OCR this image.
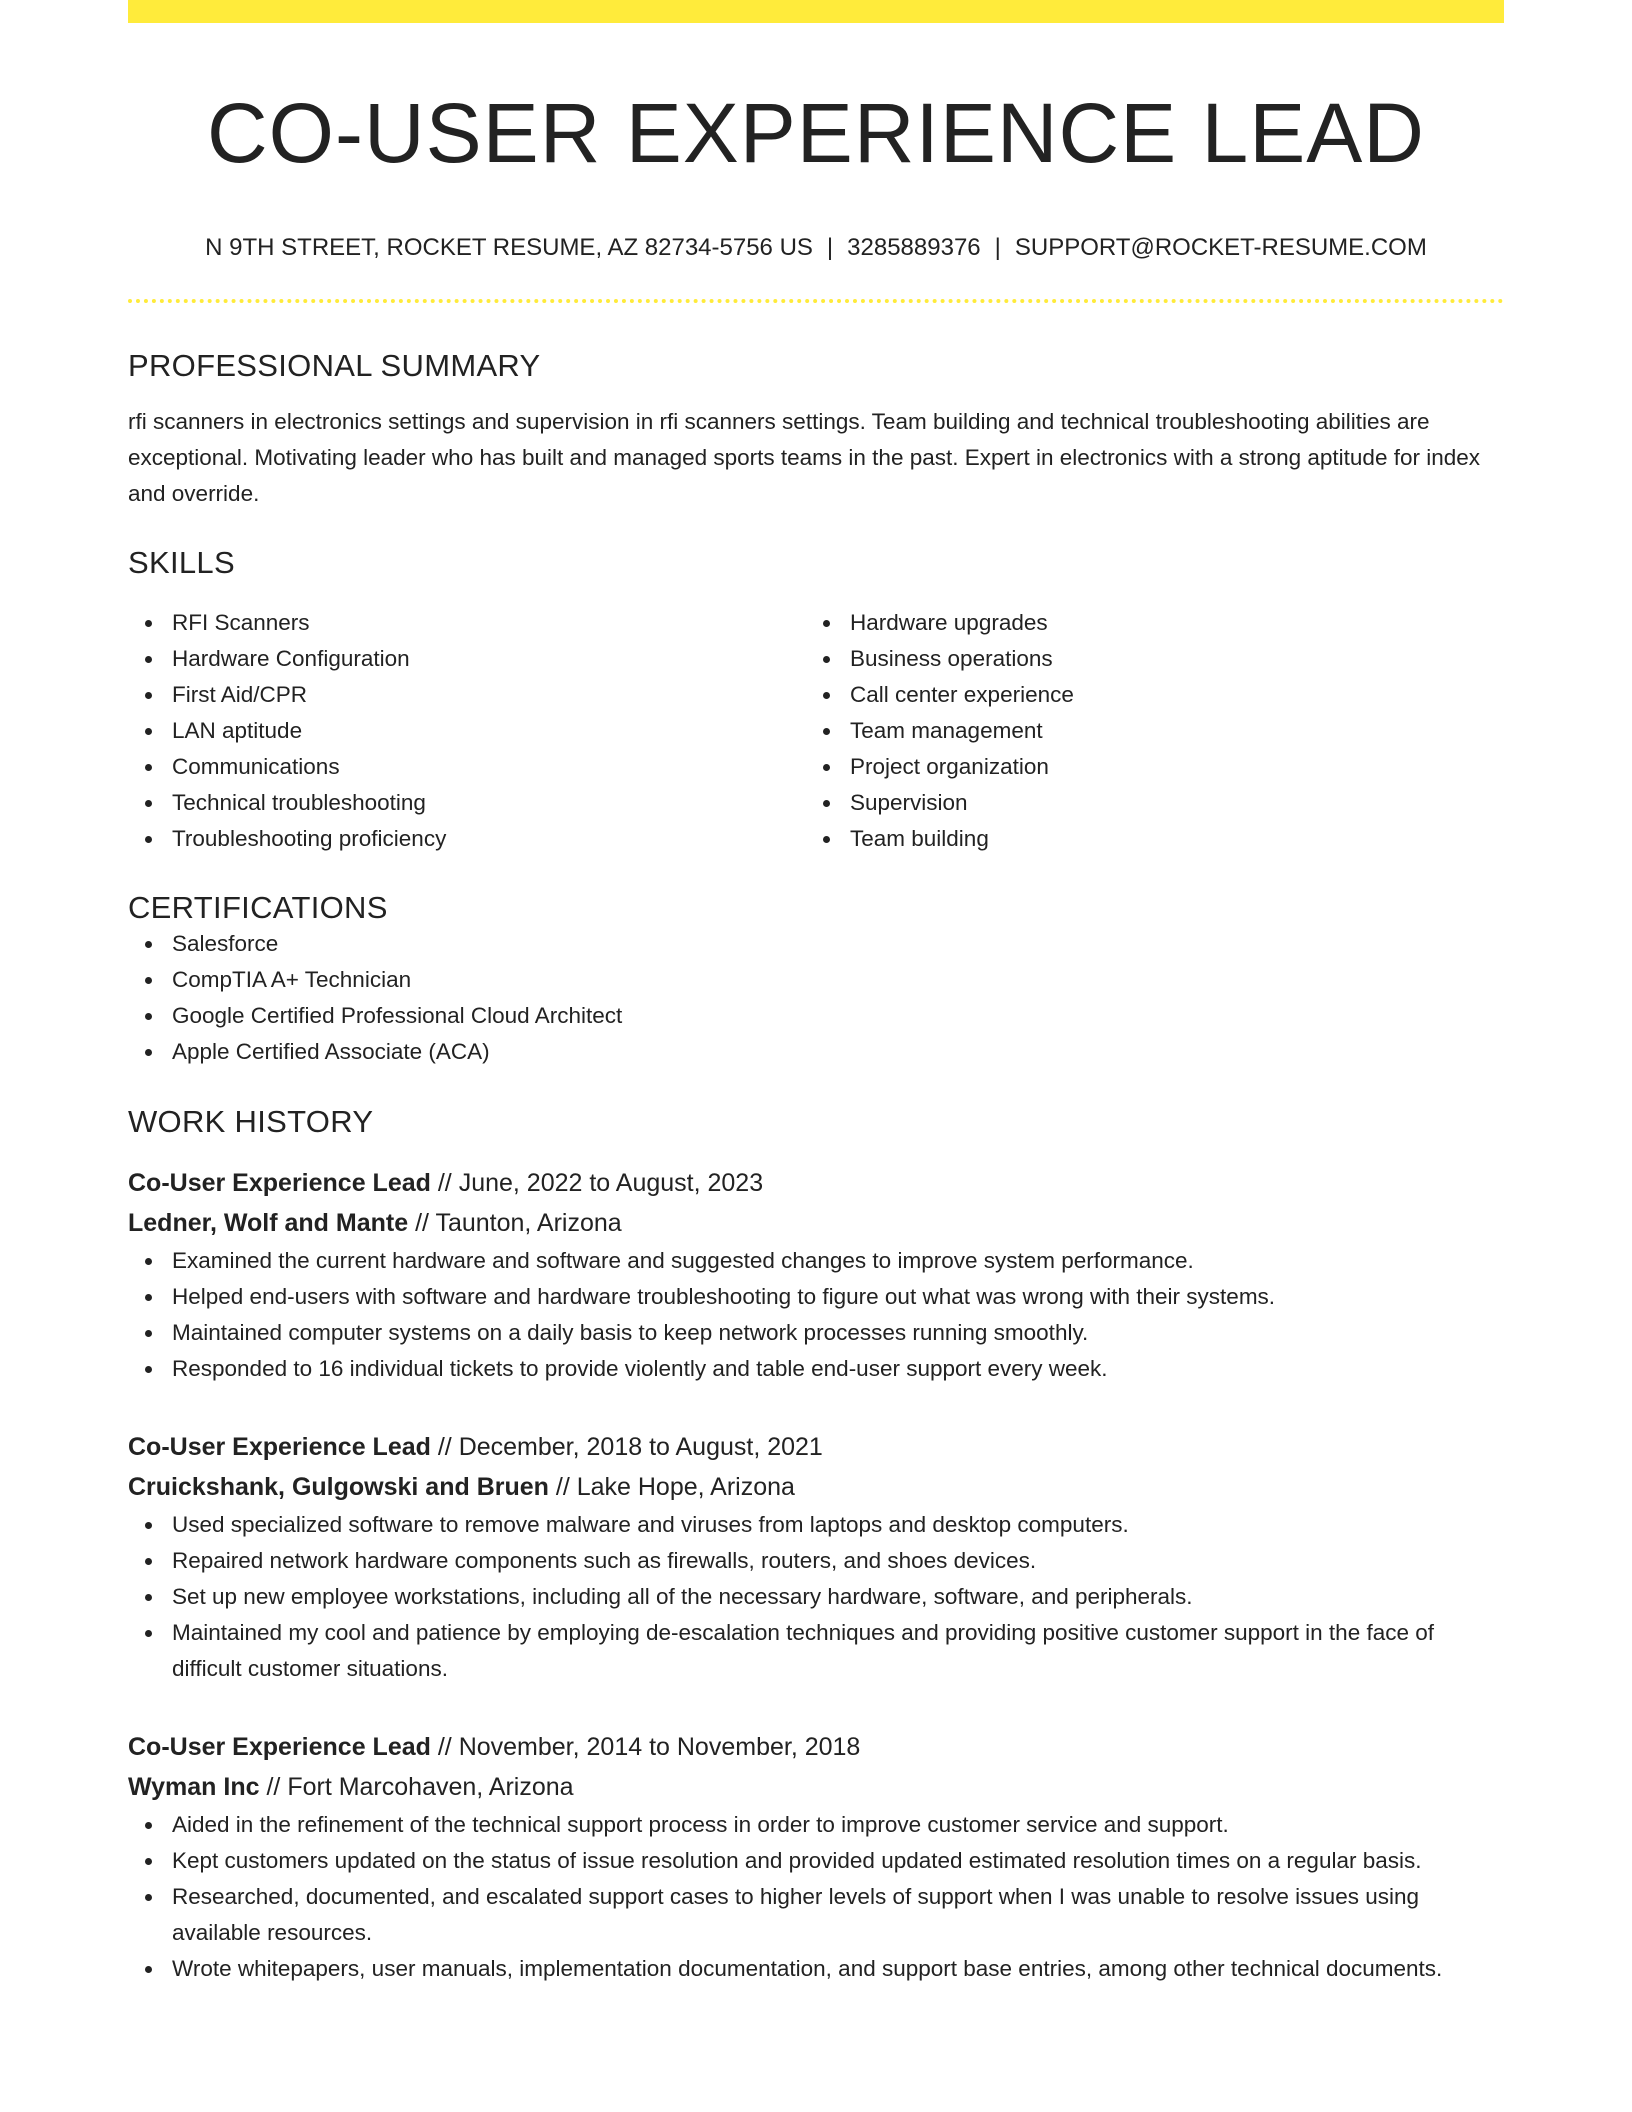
CO-USER EXPERIENCE LEAD
N 9TH STREET, ROCKET RESUME, AZ 82734-5756 US | 3285889376 | SUPPORT@ROCKET-RESUME.COM
PROFESSIONAL SUMMARY
rfi scanners in electronics settings and supervision in rfi scanners settings. Team building and technical troubleshooting abilities are exceptional. Motivating leader who has built and managed sports teams in the past. Expert in electronics with a strong aptitude for index and override.
SKILLS
RFI Scanners
Hardware Configuration
First Aid/CPR
LAN aptitude
Communications
Technical troubleshooting
Troubleshooting proficiency
Hardware upgrades
Business operations
Call center experience
Team management
Project organization
Supervision
Team building
CERTIFICATIONS
Salesforce
CompTIA A+ Technician
Google Certified Professional Cloud Architect
Apple Certified Associate (ACA)
WORK HISTORY
Co-User Experience Lead // June, 2022 to August, 2023
Ledner, Wolf and Mante // Taunton, Arizona
Examined the current hardware and software and suggested changes to improve system performance.
Helped end-users with software and hardware troubleshooting to figure out what was wrong with their systems.
Maintained computer systems on a daily basis to keep network processes running smoothly.
Responded to 16 individual tickets to provide violently and table end-user support every week.
Co-User Experience Lead // December, 2018 to August, 2021
Cruickshank, Gulgowski and Bruen // Lake Hope, Arizona
Used specialized software to remove malware and viruses from laptops and desktop computers.
Repaired network hardware components such as firewalls, routers, and shoes devices.
Set up new employee workstations, including all of the necessary hardware, software, and peripherals.
Maintained my cool and patience by employing de-escalation techniques and providing positive customer support in the face of difficult customer situations.
Co-User Experience Lead // November, 2014 to November, 2018
Wyman Inc // Fort Marcohaven, Arizona
Aided in the refinement of the technical support process in order to improve customer service and support.
Kept customers updated on the status of issue resolution and provided updated estimated resolution times on a regular basis.
Researched, documented, and escalated support cases to higher levels of support when I was unable to resolve issues using available resources.
Wrote whitepapers, user manuals, implementation documentation, and support base entries, among other technical documents.
